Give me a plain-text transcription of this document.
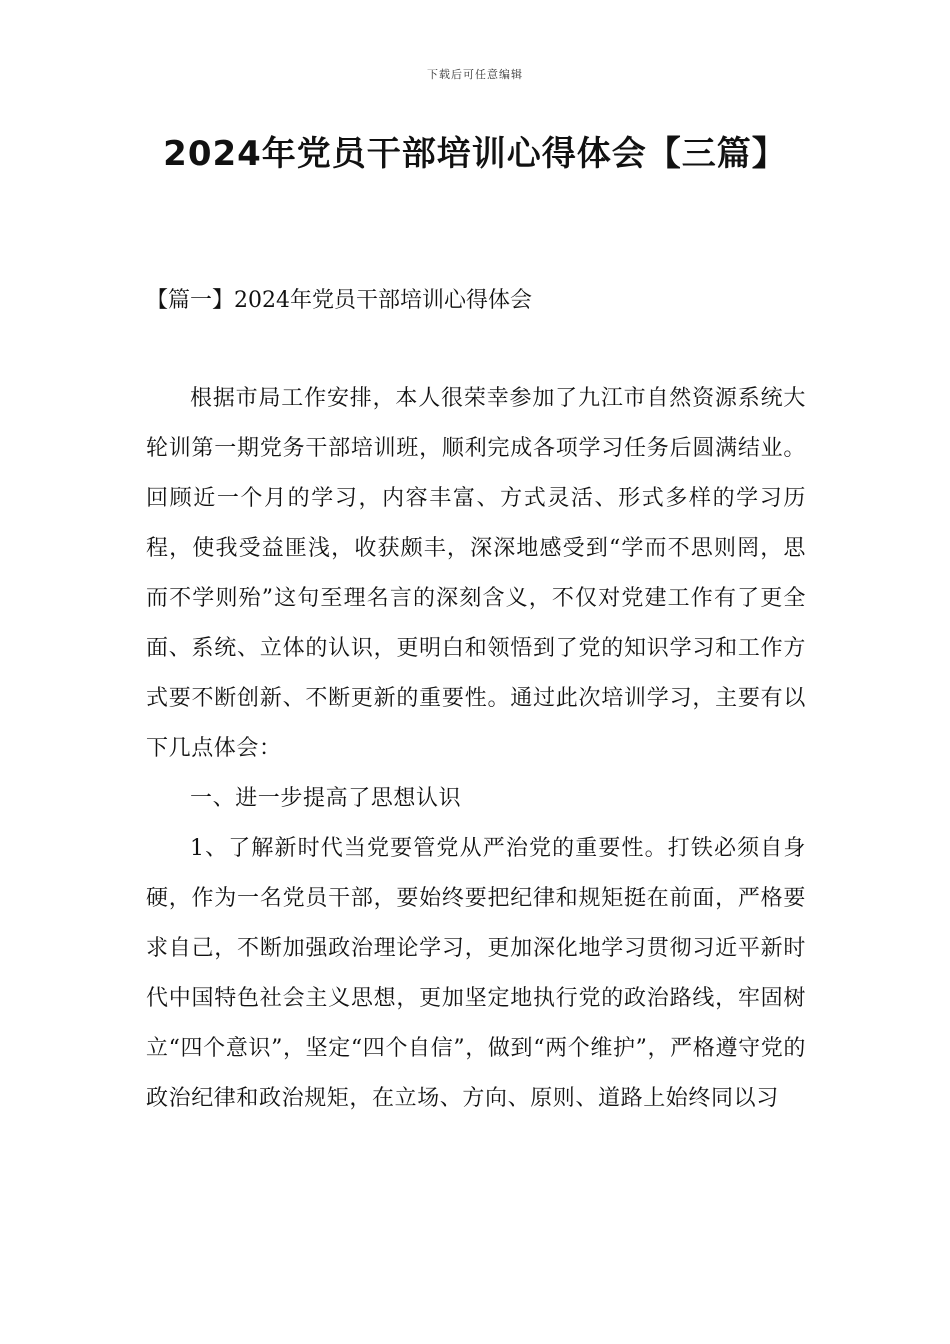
下载后可任意编辑
2024年党员干部培训心得体会【三篇】
【篇一】2024年党员干部培训心得体会

根据市局工作安排，本人很荣幸参加了九江市自然资源系统大轮训第一期党务干部培训班，顺利完成各项学习任务后圆满结业。回顾近一个月的学习，内容丰富、方式灵活、形式多样的学习历程，使我受益匪浅，收获颇丰，深深地感受到“学而不思则罔，思而不学则殆”这句至理名言的深刻含义，不仅对党建工作有了更全面、系统、立体的认识，更明白和领悟到了党的知识学习和工作方式要不断创新、不断更新的重要性。通过此次培训学习，主要有以下几点体会：

一、进一步提高了思想认识

1、了解新时代当党要管党从严治党的重要性。打铁必须自身硬，作为一名党员干部，要始终要把纪律和规矩挺在前面，严格要求自己，不断加强政治理论学习，更加深化地学习贯彻习近平新时代中国特色社会主义思想，更加坚定地执行党的政治路线，牢固树立“四个意识”，坚定“四个自信”，做到“两个维护”，严格遵守党的政治纪律和政治规矩，在立场、方向、原则、道路上始终同以习
